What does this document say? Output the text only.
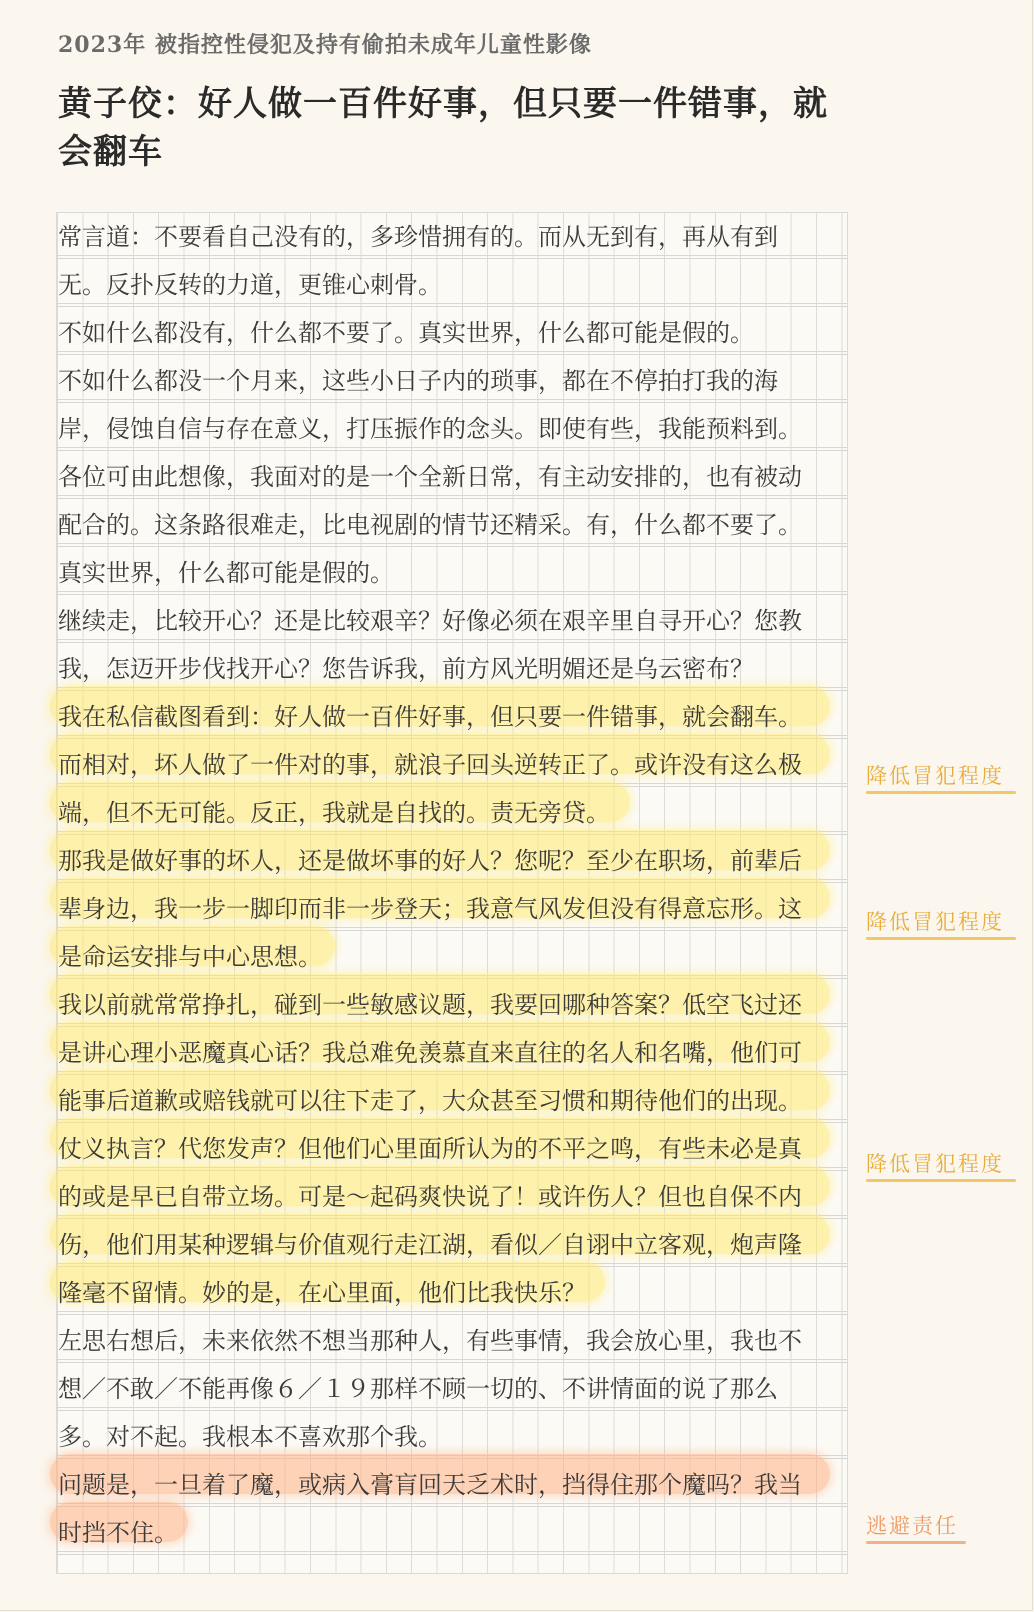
2023年 被指控性侵犯及持有偷拍未成年儿童性影像
黄子佼：好人做一百件好事，但只要一件错事，就会翻车
常言道：不要看自己没有的，多珍惜拥有的。而从无到有，再从有到
无。反扑反转的力道，更锥心刺骨。
不如什么都没有，什么都不要了。真实世界，什么都可能是假的。
不如什么都没一个月来，这些小日子内的琐事，都在不停拍打我的海
岸，侵蚀自信与存在意义，打压振作的念头。即使有些，我能预料到。
各位可由此想像，我面对的是一个全新日常，有主动安排的，也有被动
配合的。这条路很难走，比电视剧的情节还精采。有，什么都不要了。
真实世界，什么都可能是假的。
继续走，比较开心？还是比较艰辛？好像必须在艰辛里自寻开心？您教
我，怎迈开步伐找开心？您告诉我，前方风光明媚还是乌云密布？
我在私信截图看到：好人做一百件好事，但只要一件错事，就会翻车。
而相对，坏人做了一件对的事，就浪子回头逆转正了。或许没有这么极
端，但不无可能。反正，我就是自找的。责无旁贷。
那我是做好事的坏人，还是做坏事的好人？您呢？至少在职场，前辈后
辈身边，我一步一脚印而非一步登天；我意气风发但没有得意忘形。这
是命运安排与中心思想。
我以前就常常挣扎，碰到一些敏感议题，我要回哪种答案？低空飞过还
是讲心理小恶魔真心话？我总难免羡慕直来直往的名人和名嘴，他们可
能事后道歉或赔钱就可以往下走了，大众甚至习惯和期待他们的出现。
仗义执言？代您发声？但他们心里面所认为的不平之鸣，有些未必是真
的或是早已自带立场。可是～起码爽快说了！或许伤人？但也自保不内
伤，他们用某种逻辑与价值观行走江湖，看似／自诩中立客观，炮声隆
隆毫不留情。妙的是，在心里面，他们比我快乐？
左思右想后，未来依然不想当那种人，有些事情，我会放心里，我也不
想／不敢／不能再像６／１９那样不顾一切的、不讲情面的说了那么
多。对不起。我根本不喜欢那个我。
问题是，一旦着了魔，或病入膏肓回天乏术时，挡得住那个魔吗？我当
时挡不住。
降低冒犯程度
降低冒犯程度
降低冒犯程度
逃避责任
